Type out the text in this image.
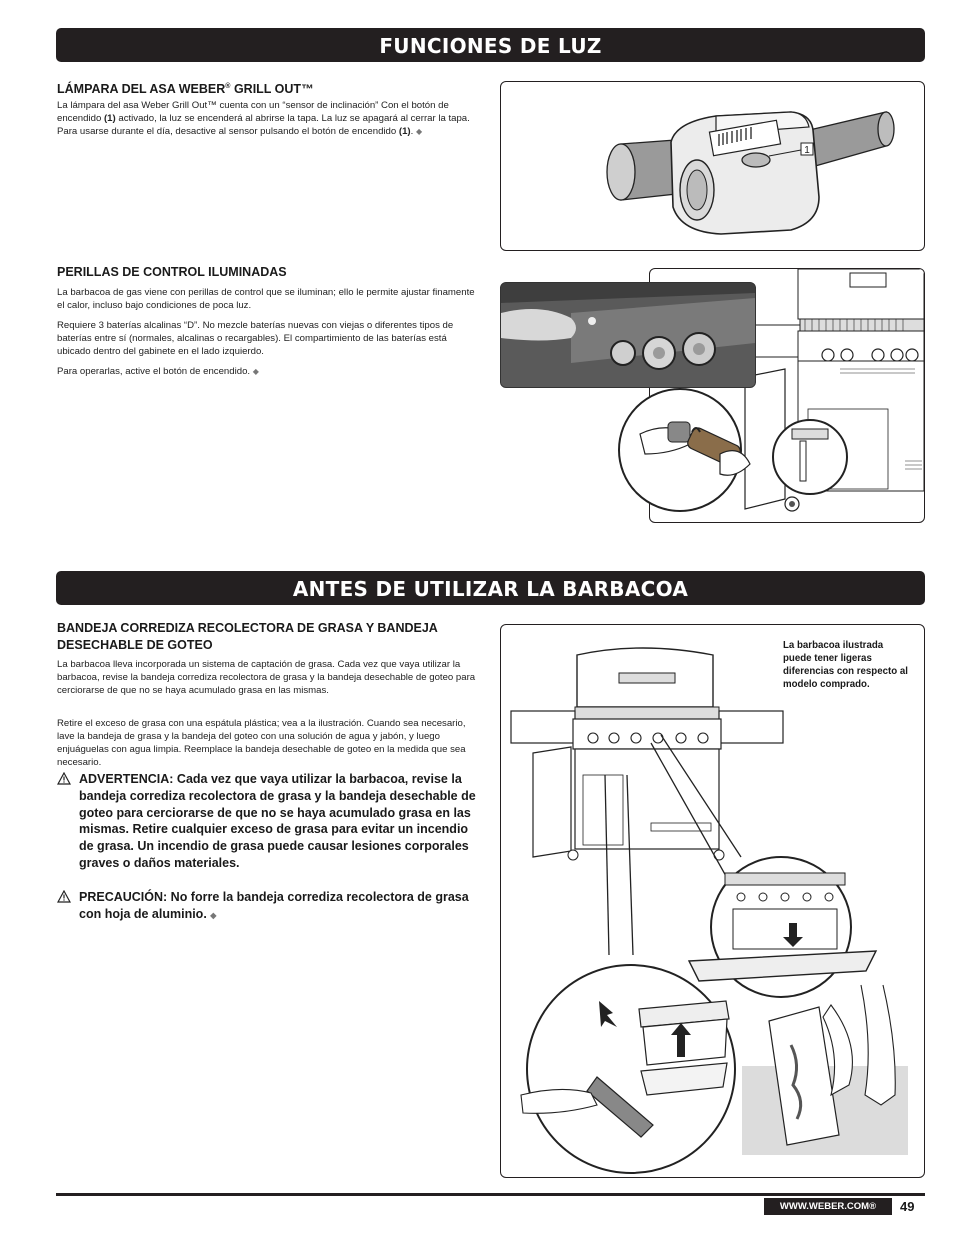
FUNCIONES DE LUZ
LÁMPARA DEL ASA WEBER® GRILL OUT™
La lámpara del asa Weber Grill Out™ cuenta con un “sensor de inclinación” Con el botón de encendido (1) activado, la luz se encenderá al abrirse la tapa. La luz se apagará al cerrar la tapa. Para usarse durante el día, desactive al sensor pulsando el botón de encendido (1). ◆
1
PERILLAS DE CONTROL ILUMINADAS
La barbacoa de gas viene con perillas de control que se iluminan; ello le permite ajustar finamente el calor, incluso bajo condiciones de poca luz.
Requiere 3 baterías alcalinas “D”. No mezcle baterías nuevas con viejas o diferentes tipos de baterías entre sí (normales, alcalinas o recargables). El compartimiento de las baterías está ubicado dentro del gabinete en el lado izquierdo.
Para operarlas, active el botón de encendido. ◆
ANTES DE UTILIZAR LA BARBACOA
BANDEJA CORREDIZA RECOLECTORA DE GRASA Y BANDEJA
DESECHABLE DE GOTEO
La barbacoa lleva incorporada un sistema de captación de grasa. Cada vez que vaya utilizar la barbacoa, revise la bandeja corrediza recolectora de grasa y la bandeja desechable de goteo para cerciorarse de que no se haya acumulado grasa en las mismas.
Retire el exceso de grasa con una espátula plástica; vea a la ilustración. Cuando sea necesario, lave la bandeja de grasa y la bandeja del goteo con una solución de agua y jabón, y luego enjuáguelas con agua limpia. Reemplace la bandeja desechable de goteo en la medida que sea necesario.
ADVERTENCIA: Cada vez que vaya utilizar la barbacoa, revise la bandeja corrediza recolectora de grasa y la bandeja desechable de goteo para cerciorarse de que no se haya acumulado grasa en las mismas. Retire cualquier exceso de grasa para evitar un incendio de grasa. Un incendio de grasa puede causar lesiones corporales graves o daños materiales.
PRECAUCIÓN: No forre la bandeja corrediza recolectora de grasa con hoja de aluminio. ◆
La barbacoa ilustrada puede tener ligeras diferencias con respecto al modelo comprado.
WWW.WEBER.COM®	49
